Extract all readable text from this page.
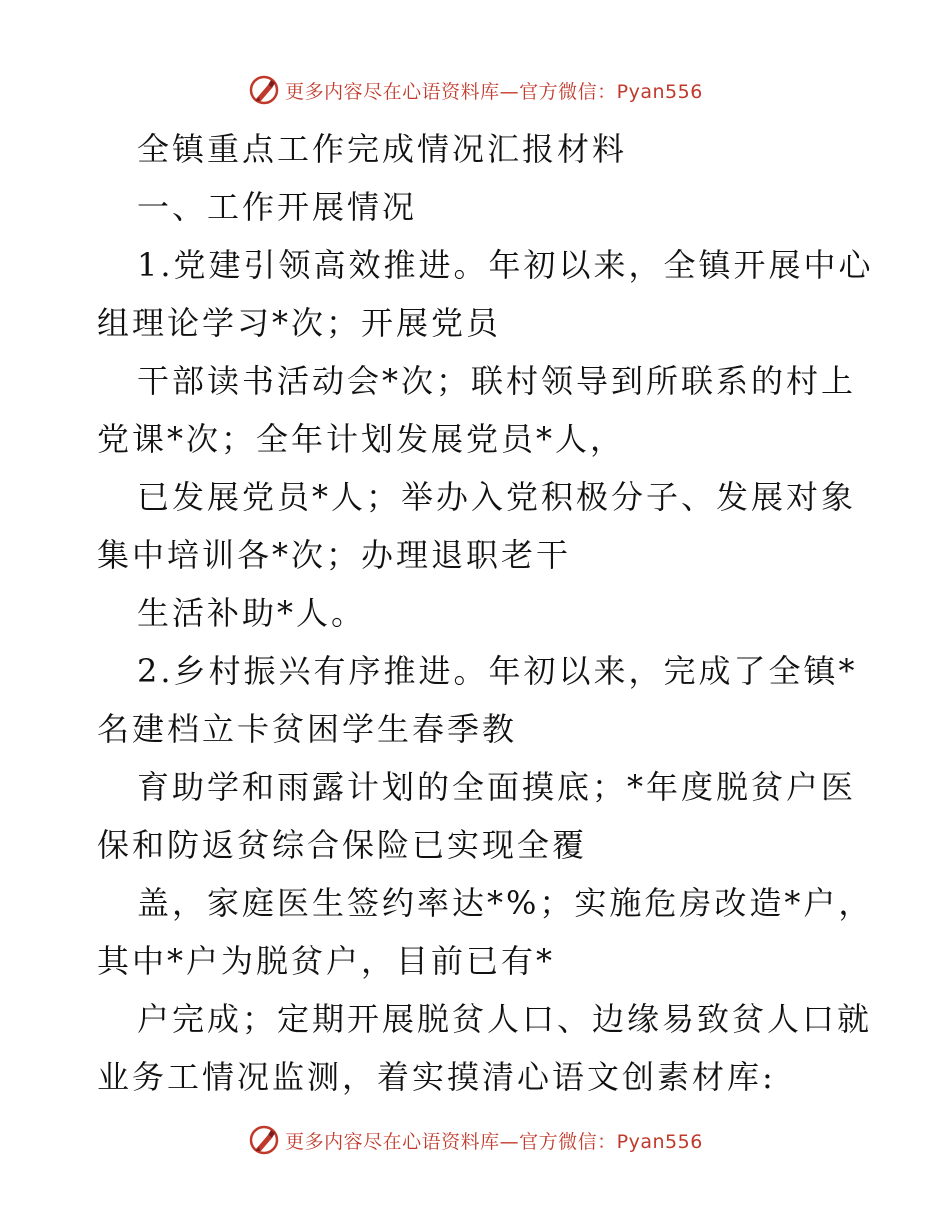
更多内容尽在心语资料库—官方微信：Pyan556
全镇重点工作完成情况汇报材料
一、工作开展情况
1.党建引领高效推进。年初以来，全镇开展中心
组理论学习*次；开展党员
干部读书活动会*次；联村领导到所联系的村上
党课*次；全年计划发展党员*人，
已发展党员*人；举办入党积极分子、发展对象
集中培训各*次；办理退职老干
生活补助*人。
2.乡村振兴有序推进。年初以来，完成了全镇*
名建档立卡贫困学生春季教
育助学和雨露计划的全面摸底；*年度脱贫户医
保和防返贫综合保险已实现全覆
盖，家庭医生签约率达*%；实施危房改造*户，
其中*户为脱贫户，目前已有*
户完成；定期开展脱贫人口、边缘易致贫人口就
业务工情况监测，着实摸清心语文创素材库:
更多内容尽在心语资料库—官方微信：Pyan556
